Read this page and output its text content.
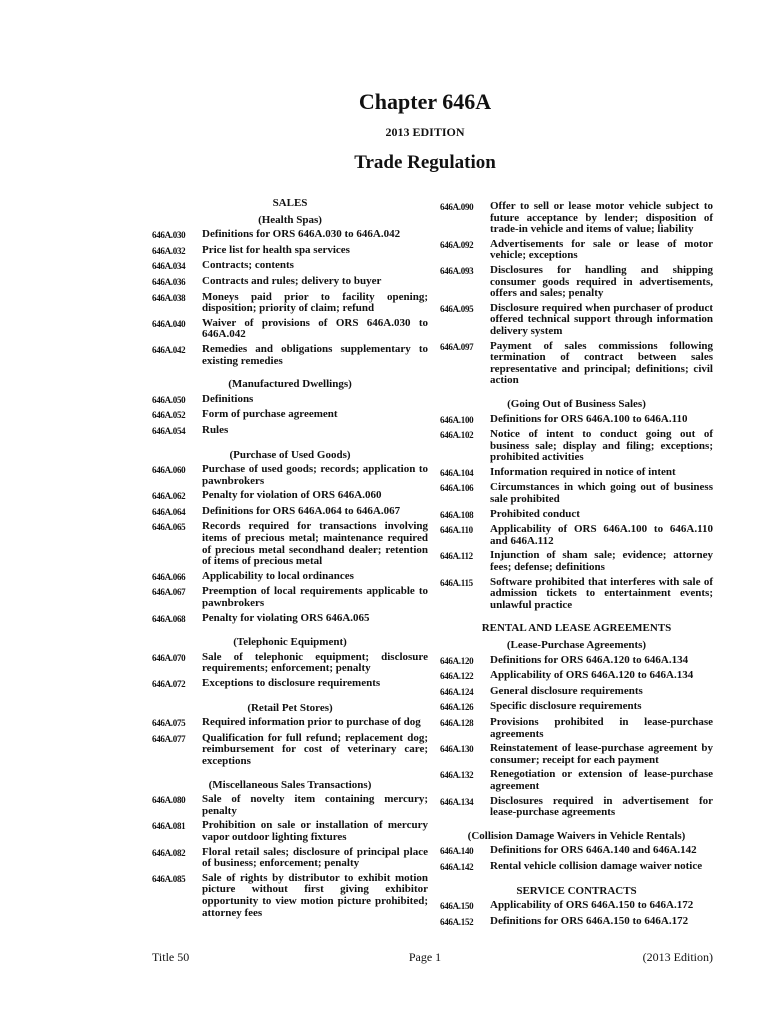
Chapter 646A
2013 EDITION
Trade Regulation
SALES
(Health Spas)
646A.030	Definitions for ORS 646A.030 to 646A.042
646A.032	Price list for health spa services
646A.034	Contracts; contents
646A.036	Contracts and rules; delivery to buyer
646A.038	Moneys paid prior to facility opening; disposition; priority of claim; refund
646A.040	Waiver of provisions of ORS 646A.030 to 646A.042
646A.042	Remedies and obligations supplementary to existing remedies
(Manufactured Dwellings)
646A.050	Definitions
646A.052	Form of purchase agreement
646A.054	Rules
(Purchase of Used Goods)
646A.060	Purchase of used goods; records; application to pawnbrokers
646A.062	Penalty for violation of ORS 646A.060
646A.064	Definitions for ORS 646A.064 to 646A.067
646A.065	Records required for transactions involving items of precious metal; maintenance required of precious metal secondhand dealer; retention of items of precious metal
646A.066	Applicability to local ordinances
646A.067	Preemption of local requirements applicable to pawnbrokers
646A.068	Penalty for violating ORS 646A.065
(Telephonic Equipment)
646A.070	Sale of telephonic equipment; disclosure requirements; enforcement; penalty
646A.072	Exceptions to disclosure requirements
(Retail Pet Stores)
646A.075	Required information prior to purchase of dog
646A.077	Qualification for full refund; replacement dog; reimbursement for cost of veterinary care; exceptions
(Miscellaneous Sales Transactions)
646A.080	Sale of novelty item containing mercury; penalty
646A.081	Prohibition on sale or installation of mercury vapor outdoor lighting fixtures
646A.082	Floral retail sales; disclosure of principal place of business; enforcement; penalty
646A.085	Sale of rights by distributor to exhibit motion picture without first giving exhibitor opportunity to view motion picture prohibited; attorney fees
646A.090	Offer to sell or lease motor vehicle subject to future acceptance by lender; disposition of trade-in vehicle and items of value; liability
646A.092	Advertisements for sale or lease of motor vehicle; exceptions
646A.093	Disclosures for handling and shipping consumer goods required in advertisements, offers and sales; penalty
646A.095	Disclosure required when purchaser of product offered technical support through information delivery system
646A.097	Payment of sales commissions following termination of contract between sales representative and principal; definitions; civil action
(Going Out of Business Sales)
646A.100	Definitions for ORS 646A.100 to 646A.110
646A.102	Notice of intent to conduct going out of business sale; display and filing; exceptions; prohibited activities
646A.104	Information required in notice of intent
646A.106	Circumstances in which going out of business sale prohibited
646A.108	Prohibited conduct
646A.110	Applicability of ORS 646A.100 to 646A.110 and 646A.112
646A.112	Injunction of sham sale; evidence; attorney fees; defense; definitions
646A.115	Software prohibited that interferes with sale of admission tickets to entertainment events; unlawful practice
RENTAL AND LEASE AGREEMENTS
(Lease-Purchase Agreements)
646A.120	Definitions for ORS 646A.120 to 646A.134
646A.122	Applicability of ORS 646A.120 to 646A.134
646A.124	General disclosure requirements
646A.126	Specific disclosure requirements
646A.128	Provisions prohibited in lease-purchase agreements
646A.130	Reinstatement of lease-purchase agreement by consumer; receipt for each payment
646A.132	Renegotiation or extension of lease-purchase agreement
646A.134	Disclosures required in advertisement for lease-purchase agreements
(Collision Damage Waivers in Vehicle Rentals)
646A.140	Definitions for ORS 646A.140 and 646A.142
646A.142	Rental vehicle collision damage waiver notice
SERVICE CONTRACTS
646A.150	Applicability of ORS 646A.150 to 646A.172
646A.152	Definitions for ORS 646A.150 to 646A.172
Title 50	Page 1	(2013 Edition)
